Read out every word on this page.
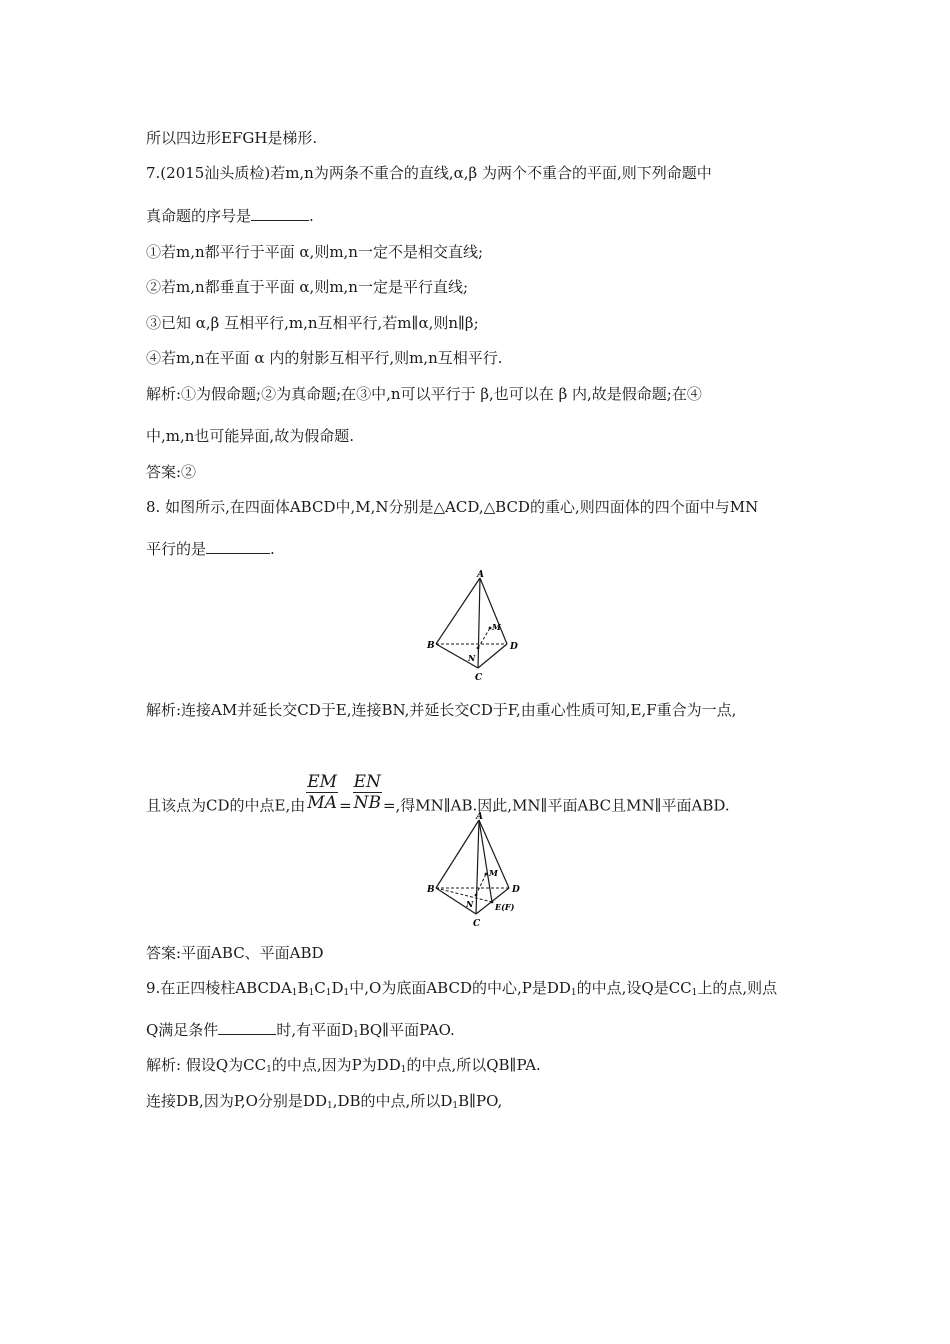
所以四边形EFGH是梯形.
7.(2015汕头质检)若m,n为两条不重合的直线,α,β 为两个不重合的平面,则下列命题中
真命题的序号是	.
①若m,n都平行于平面 α,则m,n一定不是相交直线;
②若m,n都垂直于平面 α,则m,n一定是平行直线;
③已知 α,β 互相平行,m,n互相平行,若m∥α,则n∥β;
④若m,n在平面 α 内的射影互相平行,则m,n互相平行.
解析:①为假命题;②为真命题;在③中,n可以平行于 β,也可以在 β 内,故是假命题;在④
中,m,n也可能异面,故为假命题.
答案:②
8. 如图所示,在四面体ABCD中,M,N分别是△ACD,△BCD的重心,则四面体的四个面中与MN
平行的是	.
A
B
C
D
M
N
解析:连接AM并延长交CD于E,连接BN,并延长交CD于F,由重心性质可知,E,F重合为一点,
且该点为CD的中点E,由 $\frac{EM}{MA} = \frac{EN}{NB}$ =,得MN∥AB.因此,MN∥平面ABC且MN∥平面ABD.
A
B
C
D
M
N	E(F)
答案:平面ABC、平面ABD
9.在正四棱柱$ABCDA_1B_1C_1D_1$中,O为底面ABCD的中心,P是$DD_1$的中点,设Q是$CC_1$上的点,则点
Q满足条件	时,有平面$D_1BQ\parallel$平面PAO.
解析: 假设Q为$CC_1$的中点,因为P为$DD_1$的中点,所以QB∥PA.
连接DB,因为P,O分别是$DD_1,DB$的中点,所以$D_1B\parallel PO$,
